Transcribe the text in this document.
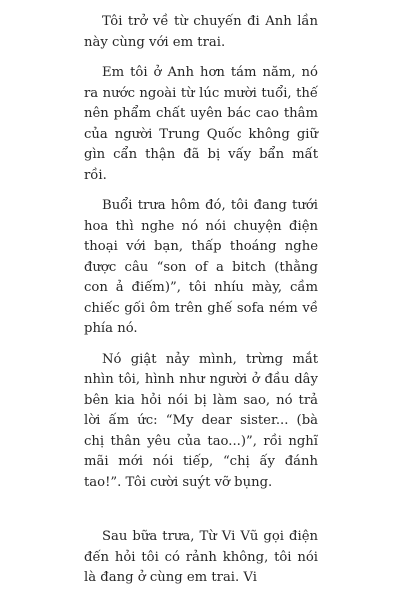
Tôi trở về từ chuyến đi Anh lần này cùng với em trai.

Em tôi ở Anh hơn tám năm, nó ra nước ngoài từ lúc mười tuổi, thế nên phẩm chất uyên bác cao thâm của người Trung Quốc không giữ gìn cẩn thận đã bị vấy bẩn mất rồi.

Buổi trưa hôm đó, tôi đang tưới hoa thì nghe nó nói chuyện điện thoại với bạn, thấp thoáng nghe được câu “son of a bitch (thằng con ả điếm)”, tôi nhíu mày, cầm chiếc gối ôm trên ghế sofa ném về phía nó.

Nó giật nảy mình, trừng mắt nhìn tôi, hình như người ở đầu dây bên kia hỏi nói bị làm sao, nó trả lời ấm ức: “My dear sister... (bà chị thân yêu của tao...)”, rồi nghĩ mãi mới nói tiếp, “chị ấy đánh tao!”. Tôi cười suýt vỡ bụng.

Sau bữa trưa, Từ Vi Vũ gọi điện đến hỏi tôi có rảnh không, tôi nói là đang ở cùng em trai. Vi
